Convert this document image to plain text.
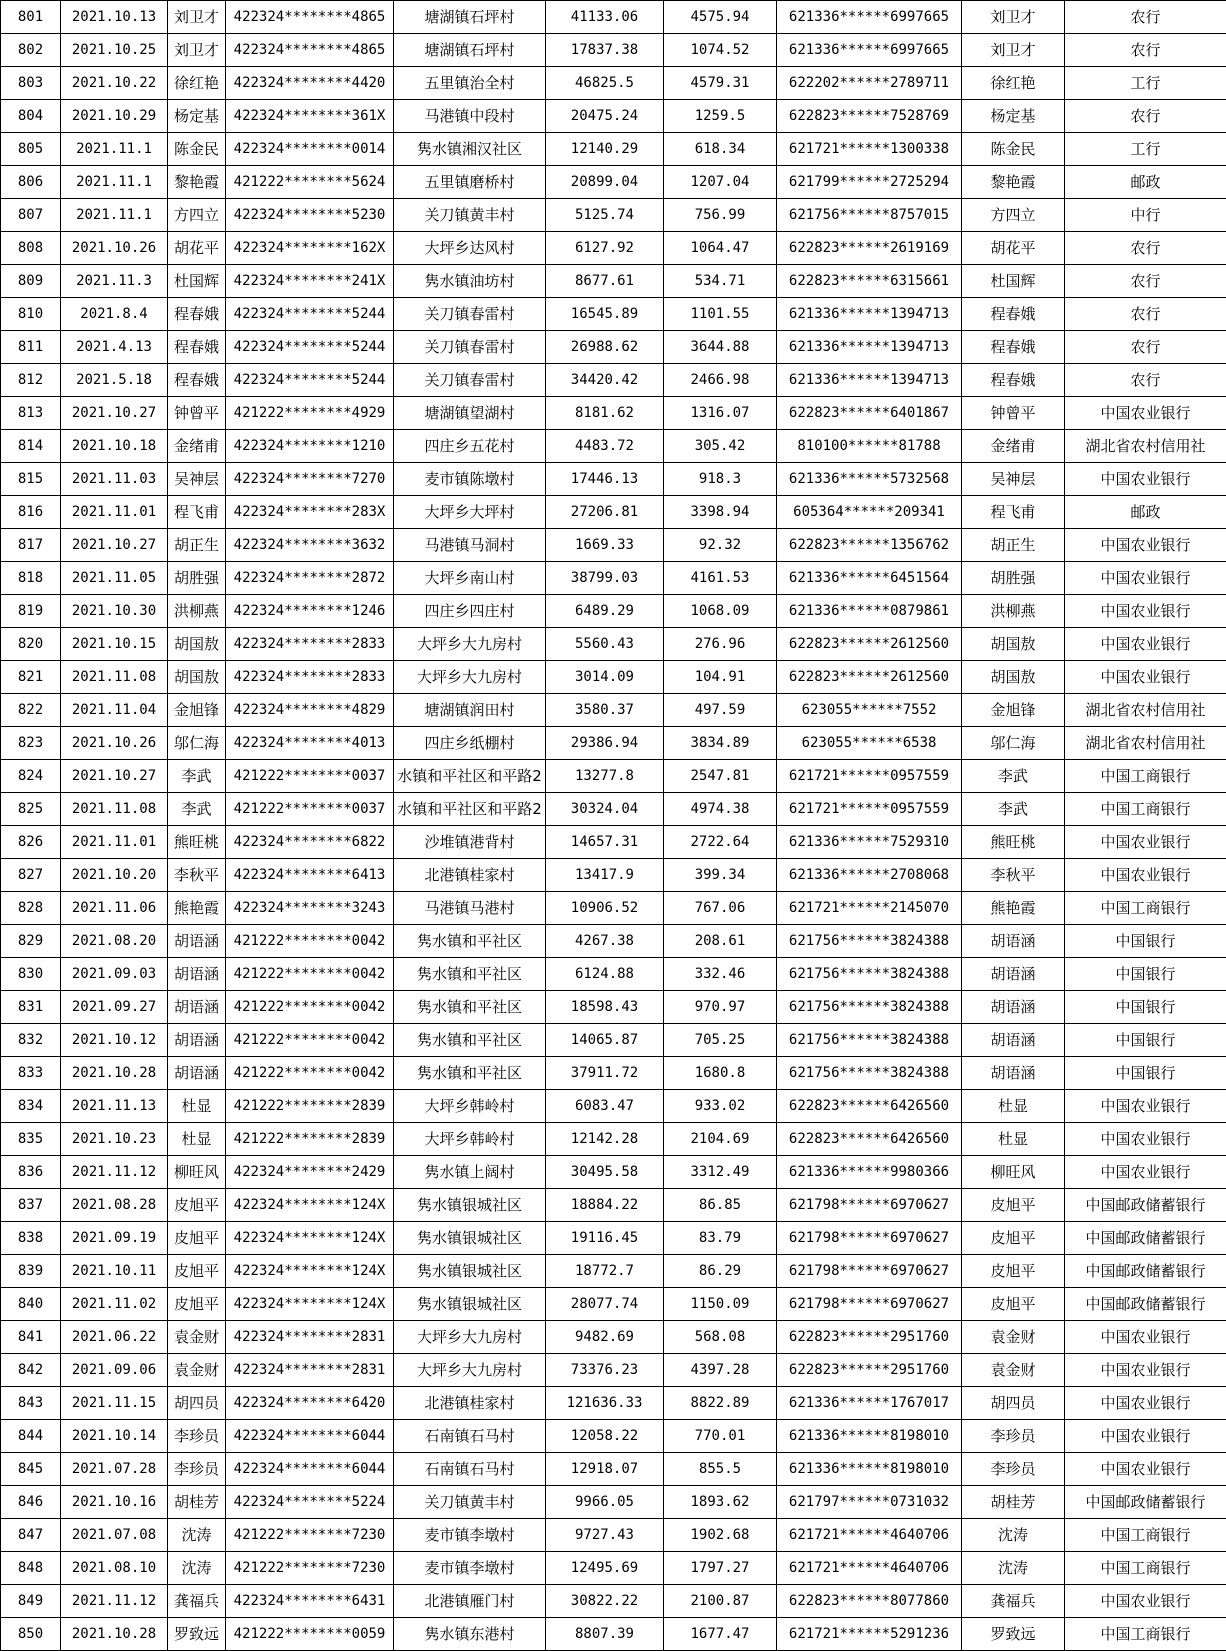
801	2021.10.13	刘卫才	422324********4865	塘湖镇石坪村	41133.06	4575.94	621336******6997665	刘卫才	农行
802	2021.10.25	刘卫才	422324********4865	塘湖镇石坪村	17837.38	1074.52	621336******6997665	刘卫才	农行
803	2021.10.22	徐红艳	422324********4420	五里镇治全村	46825.5	4579.31	622202******2789711	徐红艳	工行
804	2021.10.29	杨定基	422324********361X	马港镇中段村	20475.24	1259.5	622823******7528769	杨定基	农行
805	2021.11.1	陈金民	422324********0014	隽水镇湘汉社区	12140.29	618.34	621721******1300338	陈金民	工行
806	2021.11.1	黎艳霞	421222********5624	五里镇磨桥村	20899.04	1207.04	621799******2725294	黎艳霞	邮政
807	2021.11.1	方四立	422324********5230	关刀镇黄丰村	5125.74	756.99	621756******8757015	方四立	中行
808	2021.10.26	胡花平	422324********162X	大坪乡达风村	6127.92	1064.47	622823******2619169	胡花平	农行
809	2021.11.3	杜国辉	422324********241X	隽水镇油坊村	8677.61	534.71	622823******6315661	杜国辉	农行
810	2021.8.4	程春娥	422324********5244	关刀镇春雷村	16545.89	1101.55	621336******1394713	程春娥	农行
811	2021.4.13	程春娥	422324********5244	关刀镇春雷村	26988.62	3644.88	621336******1394713	程春娥	农行
812	2021.5.18	程春娥	422324********5244	关刀镇春雷村	34420.42	2466.98	621336******1394713	程春娥	农行
813	2021.10.27	钟曾平	421222********4929	塘湖镇望湖村	8181.62	1316.07	622823******6401867	钟曾平	中国农业银行
814	2021.10.18	金绪甫	422324********1210	四庄乡五花村	4483.72	305.42	810100******81788	金绪甫	湖北省农村信用社
815	2021.11.03	吴神层	422324********7270	麦市镇陈墩村	17446.13	918.3	621336******5732568	吴神层	中国农业银行
816	2021.11.01	程飞甫	422324********283X	大坪乡大坪村	27206.81	3398.94	605364******209341	程飞甫	邮政
817	2021.10.27	胡正生	422324********3632	马港镇马洞村	1669.33	92.32	622823******1356762	胡正生	中国农业银行
818	2021.11.05	胡胜强	422324********2872	大坪乡南山村	38799.03	4161.53	621336******6451564	胡胜强	中国农业银行
819	2021.10.30	洪柳燕	422324********1246	四庄乡四庄村	6489.29	1068.09	621336******0879861	洪柳燕	中国农业银行
820	2021.10.15	胡国敖	422324********2833	大坪乡大九房村	5560.43	276.96	622823******2612560	胡国敖	中国农业银行
821	2021.11.08	胡国敖	422324********2833	大坪乡大九房村	3014.09	104.91	622823******2612560	胡国敖	中国农业银行
822	2021.11.04	金旭锋	422324********4829	塘湖镇润田村	3580.37	497.59	623055******7552	金旭锋	湖北省农村信用社
823	2021.10.26	邬仁海	422324********4013	四庄乡纸棚村	29386.94	3834.89	623055******6538	邬仁海	湖北省农村信用社
824	2021.10.27	李武	421222********0037	水镇和平社区和平路2	13277.8	2547.81	621721******0957559	李武	中国工商银行
825	2021.11.08	李武	421222********0037	水镇和平社区和平路2	30324.04	4974.38	621721******0957559	李武	中国工商银行
826	2021.11.01	熊旺桃	422324********6822	沙堆镇港背村	14657.31	2722.64	621336******7529310	熊旺桃	中国农业银行
827	2021.10.20	李秋平	422324********6413	北港镇桂家村	13417.9	399.34	621336******2708068	李秋平	中国农业银行
828	2021.11.06	熊艳霞	422324********3243	马港镇马港村	10906.52	767.06	621721******2145070	熊艳霞	中国工商银行
829	2021.08.20	胡语涵	421222********0042	隽水镇和平社区	4267.38	208.61	621756******3824388	胡语涵	中国银行
830	2021.09.03	胡语涵	421222********0042	隽水镇和平社区	6124.88	332.46	621756******3824388	胡语涵	中国银行
831	2021.09.27	胡语涵	421222********0042	隽水镇和平社区	18598.43	970.97	621756******3824388	胡语涵	中国银行
832	2021.10.12	胡语涵	421222********0042	隽水镇和平社区	14065.87	705.25	621756******3824388	胡语涵	中国银行
833	2021.10.28	胡语涵	421222********0042	隽水镇和平社区	37911.72	1680.8	621756******3824388	胡语涵	中国银行
834	2021.11.13	杜显	421222********2839	大坪乡韩岭村	6083.47	933.02	622823******6426560	杜显	中国农业银行
835	2021.10.23	杜显	421222********2839	大坪乡韩岭村	12142.28	2104.69	622823******6426560	杜显	中国农业银行
836	2021.11.12	柳旺风	422324********2429	隽水镇上阔村	30495.58	3312.49	621336******9980366	柳旺风	中国农业银行
837	2021.08.28	皮旭平	422324********124X	隽水镇银城社区	18884.22	86.85	621798******6970627	皮旭平	中国邮政储蓄银行
838	2021.09.19	皮旭平	422324********124X	隽水镇银城社区	19116.45	83.79	621798******6970627	皮旭平	中国邮政储蓄银行
839	2021.10.11	皮旭平	422324********124X	隽水镇银城社区	18772.7	86.29	621798******6970627	皮旭平	中国邮政储蓄银行
840	2021.11.02	皮旭平	422324********124X	隽水镇银城社区	28077.74	1150.09	621798******6970627	皮旭平	中国邮政储蓄银行
841	2021.06.22	袁金财	422324********2831	大坪乡大九房村	9482.69	568.08	622823******2951760	袁金财	中国农业银行
842	2021.09.06	袁金财	422324********2831	大坪乡大九房村	73376.23	4397.28	622823******2951760	袁金财	中国农业银行
843	2021.11.15	胡四员	422324********6420	北港镇桂家村	121636.33	8822.89	621336******1767017	胡四员	中国农业银行
844	2021.10.14	李珍员	422324********6044	石南镇石马村	12058.22	770.01	621336******8198010	李珍员	中国农业银行
845	2021.07.28	李珍员	422324********6044	石南镇石马村	12918.07	855.5	621336******8198010	李珍员	中国农业银行
846	2021.10.16	胡桂芳	422324********5224	关刀镇黄丰村	9966.05	1893.62	621797******0731032	胡桂芳	中国邮政储蓄银行
847	2021.07.08	沈涛	421222********7230	麦市镇李墩村	9727.43	1902.68	621721******4640706	沈涛	中国工商银行
848	2021.08.10	沈涛	421222********7230	麦市镇李墩村	12495.69	1797.27	621721******4640706	沈涛	中国工商银行
849	2021.11.12	龚福兵	422324********6431	北港镇雁门村	30822.22	2100.87	622823******8077860	龚福兵	中国农业银行
850	2021.10.28	罗致远	421222********0059	隽水镇东港村	8807.39	1677.47	621721******5291236	罗致远	中国工商银行
